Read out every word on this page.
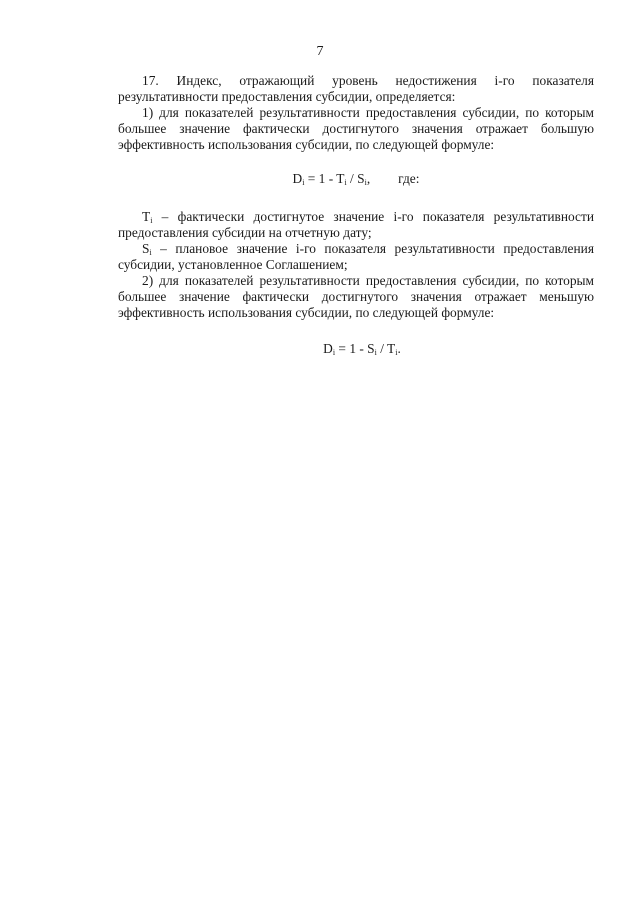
7

17. Индекс, отражающий уровень недостижения i-го показателя результативности предоставления субсидии, определяется:

1) для показателей результативности предоставления субсидии, по которым большее значение фактически достигнутого значения отражает большую эффективность использования субсидии, по следующей формуле:

$D_i = 1 - T_i / S_i$, где:

$T_i$ – фактически достигнутое значение i-го показателя результативности предоставления субсидии на отчетную дату;

$S_i$ – плановое значение i-го показателя результативности предоставления субсидии, установленное Соглашением;

2) для показателей результативности предоставления субсидии, по которым большее значение фактически достигнутого значения отражает меньшую эффективность использования субсидии, по следующей формуле:

$D_i = 1 - S_i / T_i$.
